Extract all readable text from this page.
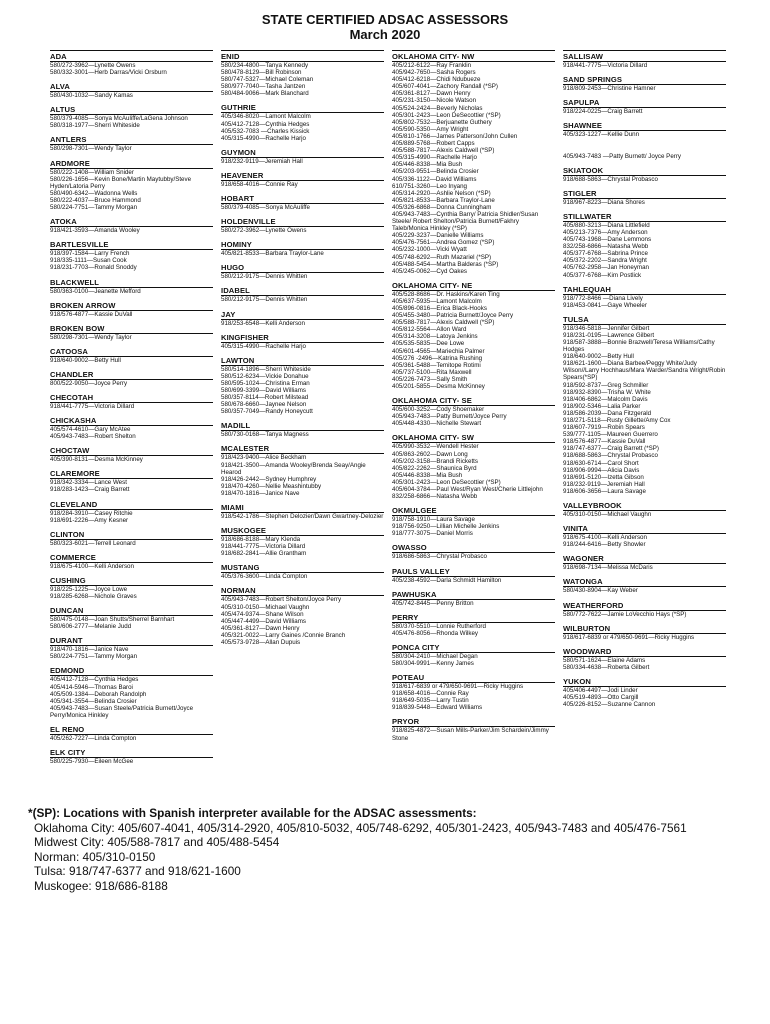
STATE CERTIFIED ADSAC ASSESSORS
March 2020
ADA
580/272-3962—Lynette Owens
580/332-3001—Herb Darras/Vicki Orsburn
ALVA
580/430-1032—Sandy Kamas
ALTUS
580/379-4085—Sonya McAuliffe/LaGena Johnson
580/318-1977—Sherri Whiteside
ANTLERS
580/298-7301—Wendy Taylor
ARDMORE
580/222-1408—William Snider
580/226-1656—Kevin Bone/Martin Maytubby/Steve Hyden/Latoria Perry
580/490-6342—Wadonna Wells
580/222-4037—Bruce Hammond
580/224-7751—Tammy Morgan
ATOKA
918/421-3593—Amanda Wooley
BARTLESVILLE
918/397-1584—Larry French
918/335-1111—Susan Cook
918/231-7703—Ronald Snoddy
BLACKWELL
580/363-0100—Jeanette Mefford
BROKEN ARROW
918/576-4877—Kassie DuVall
BROKEN BOW
580/298-7301—Wendy Taylor
CATOOSA
918/640-9002—Betty Hull
CHANDLER
800/522-9050—Joyce Perry
CHECOTAH
918/441-7775—Victoria Dillard
CHICKASHA
405/574-4610—Gary McAtee
405/943-7483—Robert Shelton
CHOCTAW
405/390-8131—Desma McKinney
CLAREMORE
918/342-3334—Lance West
918/283-1423—Craig Barrett
CLEVELAND
918/284-3910—Casey Ritchie
918/691-2226—Amy Kesner
CLINTON
580/323-6021—Terrell Leonard
COMMERCE
918/675-4100—Kelli Anderson
CUSHING
918/225-1225—Joyce Lowe
918/285-6268—Nichole Graves
DUNCAN
580/475-0148—Joan Shutts/Sherrel Barnhart
580/606-2777—Melanie Judd
DURANT
918/470-1816—Janice Nave
580/224-7751—Tammy Morgan
EDMOND
405/412-7128—Cynthia Hedges
405/414-5946—Thomas Baroi
405/509-1384—Deborah Randolph
405/341-3554—Belinda Crosier
405/943-7483—Susan Steele/Patricia Burnett/Joyce Perry/Monica Hinkley
EL RENO
405/262-7227—Linda Compton
ELK CITY
580/225-7930—Eileen McGee
ENID
580/234-4800—Tanya Kennedy
580/478-8129—Bill Robinson
580/747-5327—Michael Coleman
580/977-7040—Tasha Jantzen
580/484-9066—Mark Blanchard
GUTHRIE
405/346-8020—Lamont Malcolm
405/412-7128—Cynthia Hedges
405/532-7083 —Charles Kissick
405/315-4990—Rachelle Harjo
GUYMON
918/232-9119—Jeremiah Hall
HEAVENER
918/658-4016—Connie Ray
HOBART
580/379-4085—Sonya McAuliffe
HOLDENVILLE
580/272-3962—Lynette Owens
HOMINY
405/821-8533—Barbara Traylor-Lane
HUGO
580/212-9175—Dennis Whitten
IDABEL
580/212-9175—Dennis Whitten
JAY
918/253-6548—Kelli Anderson
KINGFISHER
405/315-4990—Rachelle Harjo
LAWTON
580/514-1896—Sherri Whiteside
580/512-6234—Vickie Donahue
580/595-1024—Christina Erman
580/699-3399—David Williams
580/357-8114—Robert Milstead
580/678-6660—Jaynee Nelson
580/357-7049—Randy Honeycutt
MADILL
580/730-0168—Tanya Magness
MCALESTER
918/423-9400—Alice Beckham
918/421-3500—Amanda Wooley/Brenda Seay/Angie Hearod
918/426-2442—Sydney Humphrey
918/470-4260—Nellie Meashintubby
918/470-1816—Janice Nave
MIAMI
918/542-1786—Stephen Delozier/Dawn Gwartney-Delozier
MUSKOGEE
918/686-8188—Mary Klenda
918/441-7775—Victoria Dillard
918/682-2841—Allie Grantham
MUSTANG
405/376-3600—Linda Compton
NORMAN
405/943-7483—Robert Shelton/Joyce Perry
405/310-0150—Michael Vaughn
405/474-9374—Shane Wilson
405/447-4499—David Williams
405/361-8127—Dawn Henry
405/321-0022—Larry Gaines /Connie Branch
405/573-9728—Allan Dupuis
OKLAHOMA CITY- NW
405/212-6122—Ray Franklin
405/942-7650—Sasha Rogers
405/412-6218—Chidi Ndubueze
405/607-4041—Zachory Randall (*SP)
405/361-8127—Dawn Henry
405/231-3150—Nicole Watson
405/524-2424—Beverly Nicholas
405/301-2423—Leon DeSecottier (*SP)
405/802-7532—Berjuanette Guthery
405/590-5350—Amy Wright
405/810-1766—James Patterson/John Cullen
405/889-5768—Robert Capps
405/588-7817—Alexis Caldwell (*SP)
405/315-4990—Rachelle Harjo
405/446-8338—Mia Bush
405/203-9551—Belinda Crosier
405/336-1122—David Williams
610/751-3260—Leo Inyang
405/314-2920—Ashlie Nelson (*SP)
405/821-8533—Barbara Traylor-Lane
405/326-6868—Donna Cunningham
405/943-7483—Cynthia Barry/ Patricia Shidler/Susan Steele/ Robert Shelton/Patricia Burnett/Fakhry Taleb/Monica Hinkley (*SP)
405/229-3237—Danielle Williams
405/476-7561—Andrea Gomez (*SP)
405/232-1000—Vicki Wyatt
405/748-6292—Ruth Mazariel (*SP)
405/488-5454—Martha Balderas (*SP)
405/245-0062—Cyd Oakes
OKLAHOMA CITY- NE
405/528-8686—Dr. Haskins/Karen Ting
405/637-5935—Lamont Malcolm
405/896-0816—Erica Black-Hooks
405/455-3480—Patricia Burnett/Joyce Perry
405/588-7817—Alexis Caldwell (*SP)
405/812-5564—Allon Ward
405/314-3208—Latoya Jenkins
405/535-5835—Dee Lowe
405/601-4565—Mariechia Palmer
405/276 -2496—Katrina Rushing
405/361-5488—Temitope Rotimi
405/737-5100—Rita Maxwell
405/226-7473—Sally Smith
405/201-5855—Desma McKinney
OKLAHOMA CITY- SE
405/600-3252—Cody Shoemaker
405/943-7483—Patty Burnett/Joyce Perry
405/448-4330—Nichelle Stewart
OKLAHOMA CITY- SW
405/990-3532—Wendell Hester
405/863-2602—Dawn Long
405/202-3158—Brandi Ricketts
405/822-2262—Shaunica Byrd
405/446-8338—Mia Bush
405/301-2423—Leon DeSecottier (*SP)
405/604-3784—Paul West/Ryan West/Cherie Littlejohn
832/258-6866—Natasha Webb
OKMULGEE
918/758-1910—Laura Savage
918/756-9250—Lillian Michelle Jenkins
918/777-3075—Daniel Morris
OWASSO
918/686-5863—Chrystal Probasco
PAULS VALLEY
405/238-4592—Darla Schmidt Hamilton
PAWHUSKA
405/742-8445—Penny Britton
PERRY
580/370-5510—Lonnie Rutherford
405/476-8056—Rhonda Wilkey
PONCA CITY
580/304-2410—Michael Degan
580/304-9991—Kenny James
POTEAU
918/617-6839 or 479/650-9691—Ricky Huggins
918/658-4016—Connie Ray
918/649-5035—Larry Tustin
918/839-5448—Edward Williams
PRYOR
918/825-4872—Susan Mills-Parker/Jim Schardein/Jimmy Stone
SALLISAW
918/441-7775—Victoria Dillard
SAND SPRINGS
918/809-2453—Christine Hamner
SAPULPA
918/224-0225—Craig Barrett
SHAWNEE
405/323-1227—Kellie Dunn

405/943-7483 —Patty Burnett/ Joyce Perry
SKIATOOK
918/688-5863—Chrystal Probasco
STIGLER
918/967-8223—Diana Shores
STILLWATER
405/880-3213—Diana Littlefield
405/213-7376—Amy Anderson
405/743-1968—Dane Lemmons
832/258-6866—Natasha Webb
405/377-6768—Sabrina Prince
405/372-2202—Sandra Wright
405/762-2958—Jan Honeyman
405/377-6768—Kim Postlick
TAHLEQUAH
918/772-8466 —Diana Lively
918/453-0841—Gaye Wheeler
TULSA
918/346-5818—Jennifer Gilbert
918/231-0195—Lawrence Gilbert
918/587-3888—Bonnie Brazwell/Teresa Williams/Cathy Hodges
918/640-9002—Betty Hull
918/621-1600—Diana Barbee/Peggy White/Judy Wilson//Larry Hochhaus/Mara Warder/Sandra Wright/Robin Spears(*SP)
918/592-8737—Greg Schmiller
918/932-8390—Trisha W. White
918/406-6862—Malcolm Davis
918/902-5346—Lalia Parker
918/586-2039—Dana Fitzgerald
918/271-5118—Rusty Gillette/Amy Cox
918/607-7919—Robin Spears
539/777-1105—Maureen Guerrero
918/576-4877—Kassie DuVall
918/747-6377—Craig Barrett (*SP)
918/688-5863—Chrystal Probasco
918/630-6714—Carol Short
918/906-9994—Alicia Davis
918/691-5120—Izetta Gibson
918/232-9119—Jeremiah Hall
918/606-3656—Laura Savage
VALLEYBROOK
405/310-0150—Michael Vaughn
VINITA
918/675-4100—Kelli Anderson
918/244-6416—Betty Showler
WAGONER
918/698-7134—Melissa McDaris
WATONGA
580/430-8904—Kay Weber
WEATHERFORD
580/772-7622—Jamie LoVecchio Hays (*SP)
WILBURTON
918/617-6839 or 479/650-9691—Ricky Huggins
WOODWARD
580/571-1624—Elaine Adams
580/334-4638—Roberta Gilbert
YUKON
405/406-4497—Jodi Linder
405/519-4893—Otto Cargill
405/226-8152—Suzanne Cannon
*(SP): Locations with Spanish interpreter available for the ADSAC assessments:
Oklahoma City: 405/607-4041, 405/314-2920, 405/810-5032, 405/748-6292, 405/301-2423, 405/943-7483 and 405/476-7561
Midwest City: 405/588-7817 and 405/488-5454
Norman: 405/310-0150
Tulsa: 918/747-6377 and 918/621-1600
Muskogee: 918/686-8188
